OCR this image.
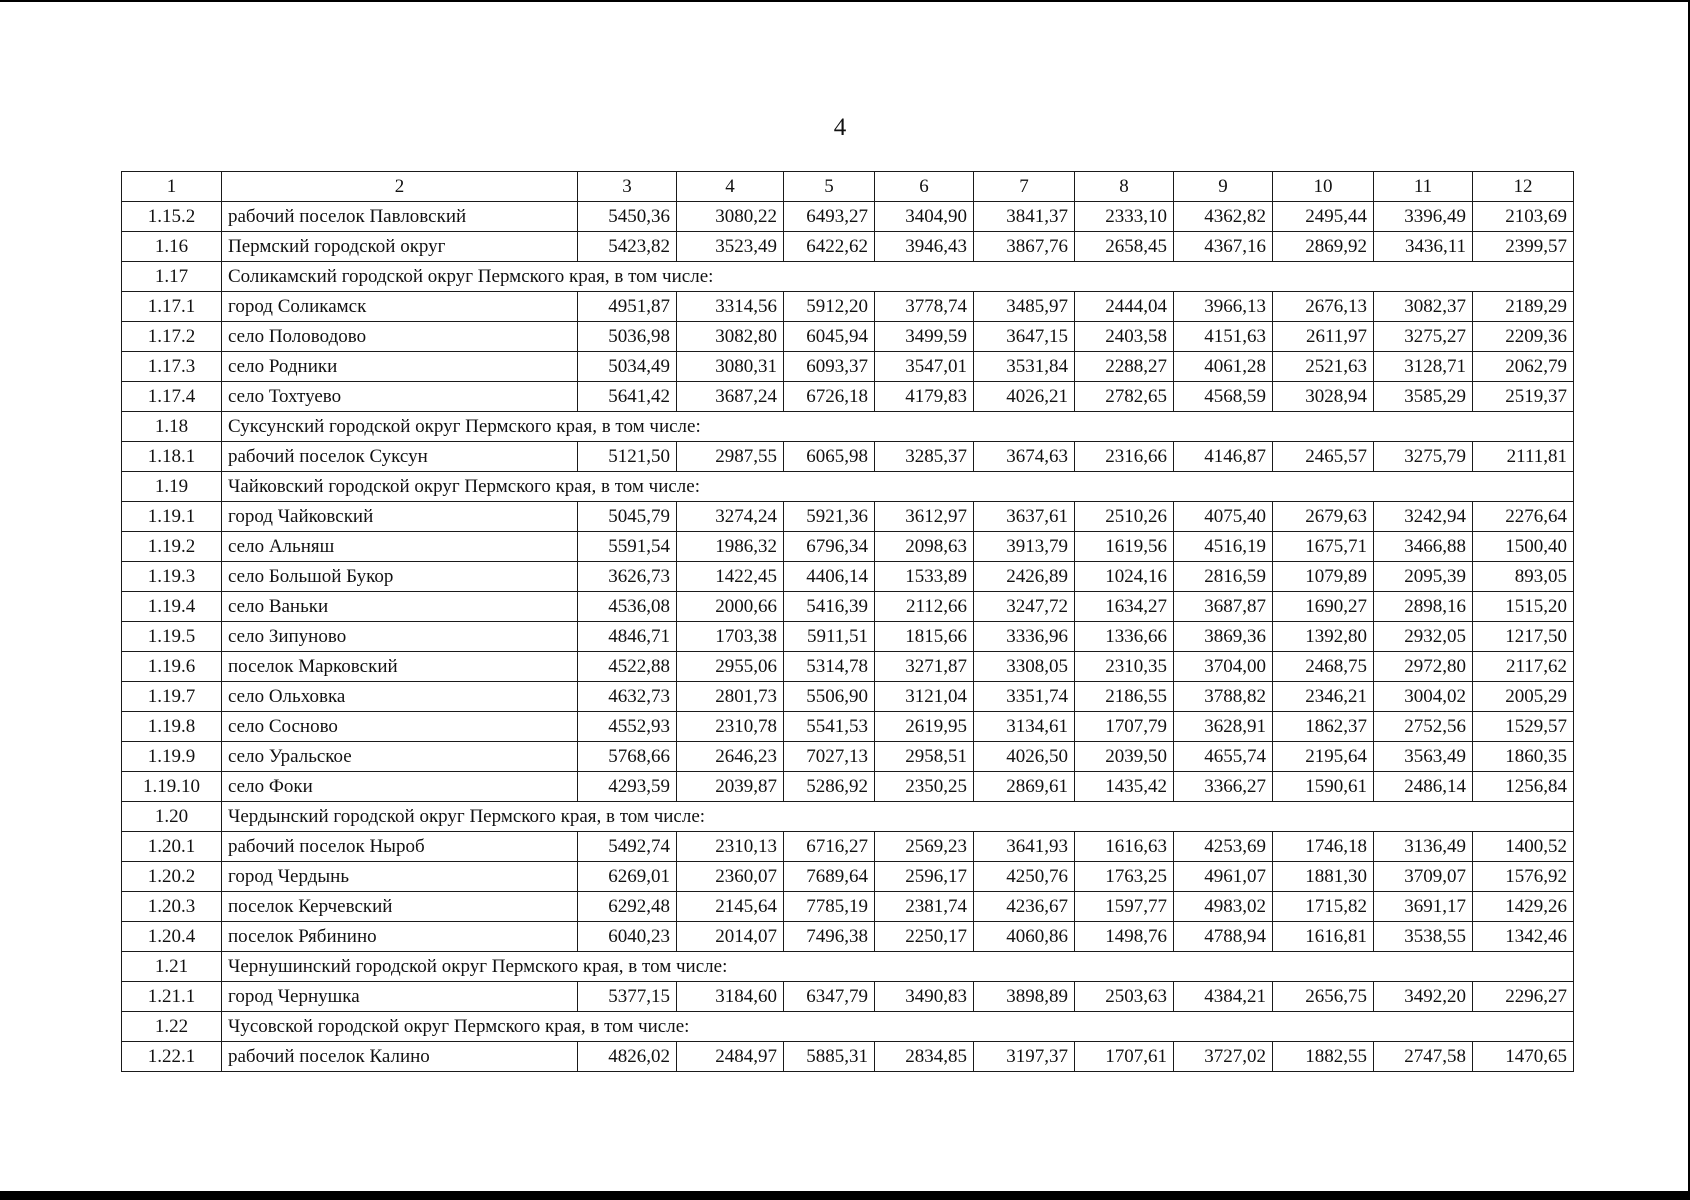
4
1	2	3	4	5	6	7	8	9	10	11	12
1.15.2	рабочий поселок Павловский	5450,36	3080,22	6493,27	3404,90	3841,37	2333,10	4362,82	2495,44	3396,49	2103,69
1.16	Пермский городской округ	5423,82	3523,49	6422,62	3946,43	3867,76	2658,45	4367,16	2869,92	3436,11	2399,57
1.17	Соликамский городской округ Пермского края, в том числе:										
1.17.1	город Соликамск	4951,87	3314,56	5912,20	3778,74	3485,97	2444,04	3966,13	2676,13	3082,37	2189,29
1.17.2	село Половодово	5036,98	3082,80	6045,94	3499,59	3647,15	2403,58	4151,63	2611,97	3275,27	2209,36
1.17.3	село Родники	5034,49	3080,31	6093,37	3547,01	3531,84	2288,27	4061,28	2521,63	3128,71	2062,79
1.17.4	село Тохтуево	5641,42	3687,24	6726,18	4179,83	4026,21	2782,65	4568,59	3028,94	3585,29	2519,37
1.18	Суксунский городской округ Пермского края, в том числе:										
1.18.1	рабочий поселок Суксун	5121,50	2987,55	6065,98	3285,37	3674,63	2316,66	4146,87	2465,57	3275,79	2111,81
1.19	Чайковский городской округ Пермского края, в том числе:										
1.19.1	город Чайковский	5045,79	3274,24	5921,36	3612,97	3637,61	2510,26	4075,40	2679,63	3242,94	2276,64
1.19.2	село Альняш	5591,54	1986,32	6796,34	2098,63	3913,79	1619,56	4516,19	1675,71	3466,88	1500,40
1.19.3	село Большой Букор	3626,73	1422,45	4406,14	1533,89	2426,89	1024,16	2816,59	1079,89	2095,39	893,05
1.19.4	село Ваньки	4536,08	2000,66	5416,39	2112,66	3247,72	1634,27	3687,87	1690,27	2898,16	1515,20
1.19.5	село Зипуново	4846,71	1703,38	5911,51	1815,66	3336,96	1336,66	3869,36	1392,80	2932,05	1217,50
1.19.6	поселок Марковский	4522,88	2955,06	5314,78	3271,87	3308,05	2310,35	3704,00	2468,75	2972,80	2117,62
1.19.7	село Ольховка	4632,73	2801,73	5506,90	3121,04	3351,74	2186,55	3788,82	2346,21	3004,02	2005,29
1.19.8	село Сосново	4552,93	2310,78	5541,53	2619,95	3134,61	1707,79	3628,91	1862,37	2752,56	1529,57
1.19.9	село Уральское	5768,66	2646,23	7027,13	2958,51	4026,50	2039,50	4655,74	2195,64	3563,49	1860,35
1.19.10	село Фоки	4293,59	2039,87	5286,92	2350,25	2869,61	1435,42	3366,27	1590,61	2486,14	1256,84
1.20	Чердынский городской округ Пермского края, в том числе:										
1.20.1	рабочий поселок Ныроб	5492,74	2310,13	6716,27	2569,23	3641,93	1616,63	4253,69	1746,18	3136,49	1400,52
1.20.2	город Чердынь	6269,01	2360,07	7689,64	2596,17	4250,76	1763,25	4961,07	1881,30	3709,07	1576,92
1.20.3	поселок Керчевский	6292,48	2145,64	7785,19	2381,74	4236,67	1597,77	4983,02	1715,82	3691,17	1429,26
1.20.4	поселок Рябинино	6040,23	2014,07	7496,38	2250,17	4060,86	1498,76	4788,94	1616,81	3538,55	1342,46
1.21	Чернушинский городской округ Пермского края, в том числе:										
1.21.1	город Чернушка	5377,15	3184,60	6347,79	3490,83	3898,89	2503,63	4384,21	2656,75	3492,20	2296,27
1.22	Чусовской городской округ Пермского края, в том числе:										
1.22.1	рабочий поселок Калино	4826,02	2484,97	5885,31	2834,85	3197,37	1707,61	3727,02	1882,55	2747,58	1470,65
